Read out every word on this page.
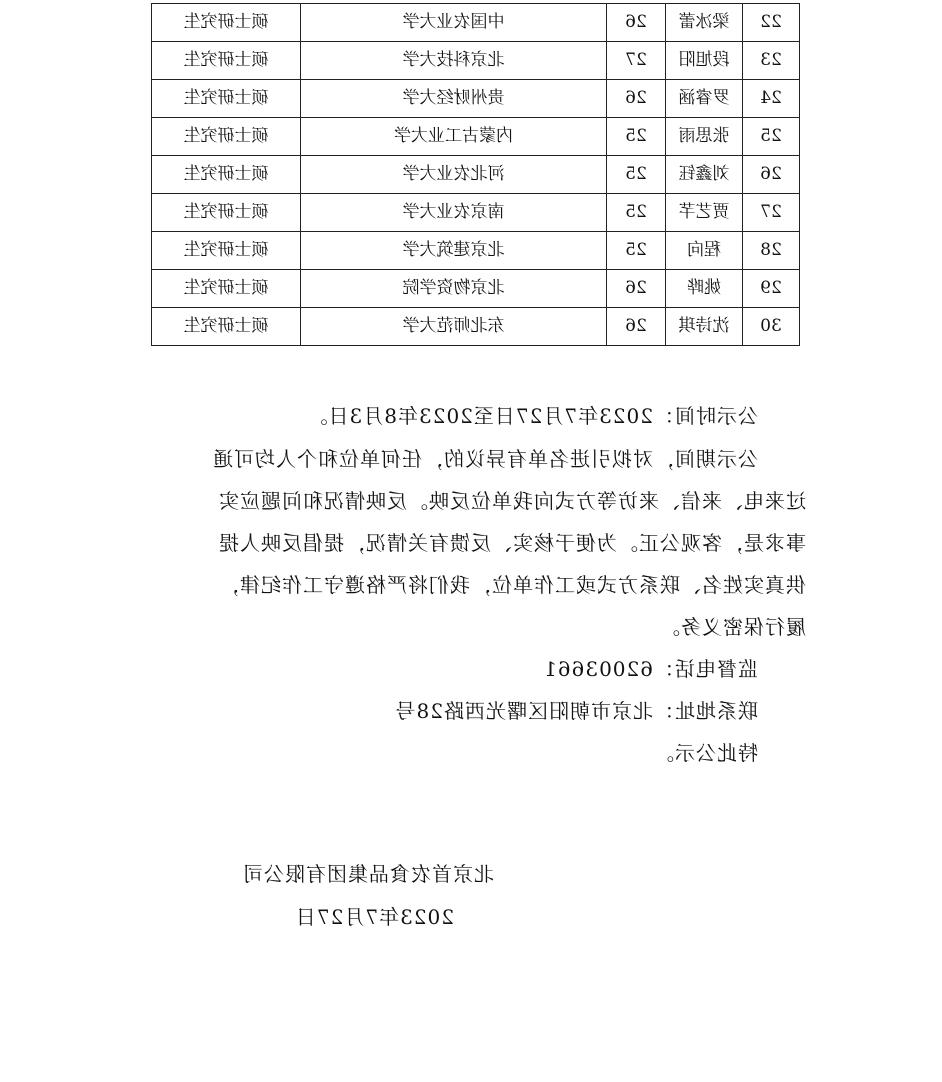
22	梁冰蕾	26	中国农业大学	硕士研究生
23	段旭阳	27	北京科技大学	硕士研究生
24	罗睿涵	26	贵州财经大学	硕士研究生
25	张思雨	25	内蒙古工业大学	硕士研究生
26	刘鑫钰	25	河北农业大学	硕士研究生
27	贾艺芊	25	南京农业大学	硕士研究生
28	程向	25	北京建筑大学	硕士研究生
29	姚晔	26	北京物资学院	硕士研究生
30	沈诗琪	26	东北师范大学	硕士研究生
公示时间：2023年7月27日至2023年8月3日。
公示期间，对拟引进名单有异议的，任何单位和个人均可通
过来电、来信、来访等方式向我单位反映。反映情况和问题应实
事求是，客观公正。为便于核实、反馈有关情况，提倡反映人提
供真实姓名、联系方式或工作单位，我们将严格遵守工作纪律，
履行保密义务。
监督电话：62003661
联系地址：北京市朝阳区曙光西路28号
特此公示。
北京首农食品集团有限公司
2023年7月27日
